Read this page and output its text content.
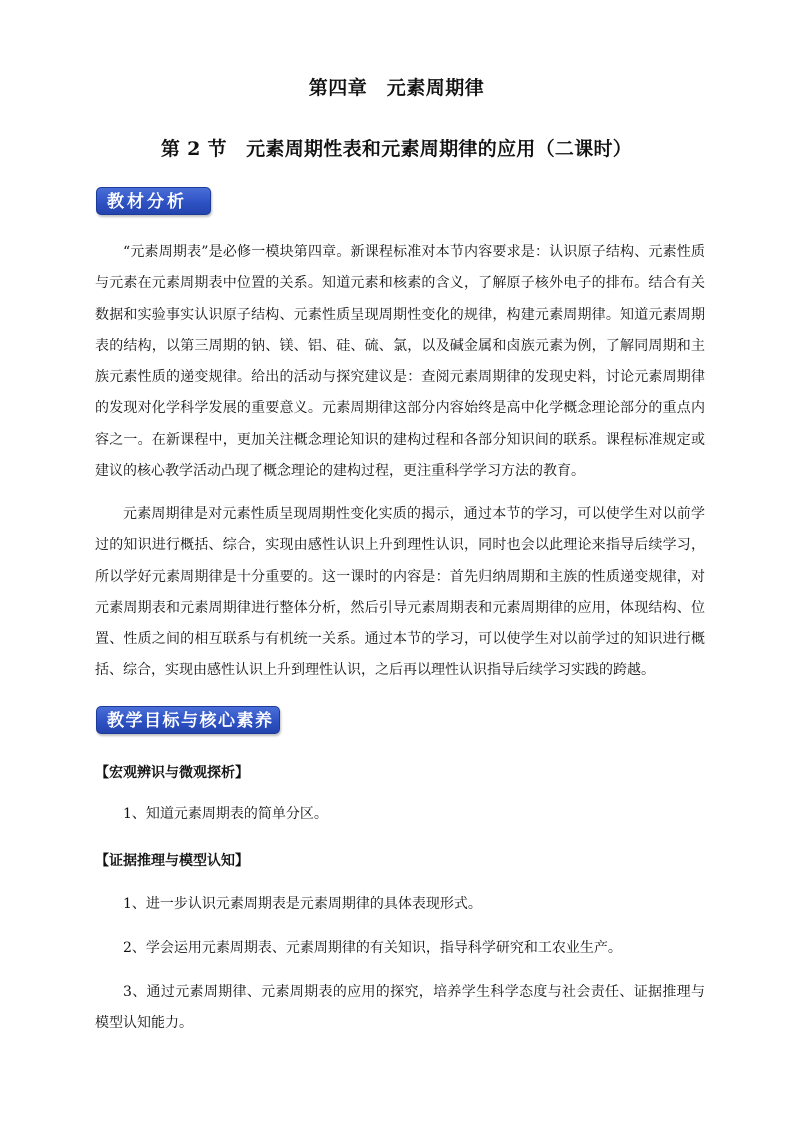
第四章　元素周期律
第 2 节　元素周期性表和元素周期律的应用（二课时）
教材分析

“元素周期表”是必修一模块第四章。新课程标准对本节内容要求是：认识原子结构、元素性质与元素在元素周期表中位置的关系。知道元素和核素的含义，了解原子核外电子的排布。结合有关数据和实验事实认识原子结构、元素性质呈现周期性变化的规律，构建元素周期律。知道元素周期表的结构，以第三周期的钠、镁、铝、硅、硫、氯，以及碱金属和卤族元素为例，了解同周期和主族元素性质的递变规律。给出的活动与探究建议是：查阅元素周期律的发现史料，讨论元素周期律的发现对化学科学发展的重要意义。元素周期律这部分内容始终是高中化学概念理论部分的重点内容之一。在新课程中，更加关注概念理论知识的建构过程和各部分知识间的联系。课程标准规定或建议的核心教学活动凸现了概念理论的建构过程，更注重科学学习方法的教育。

元素周期律是对元素性质呈现周期性变化实质的揭示，通过本节的学习，可以使学生对以前学过的知识进行概括、综合，实现由感性认识上升到理性认识，同时也会以此理论来指导后续学习，所以学好元素周期律是十分重要的。这一课时的内容是：首先归纳周期和主族的性质递变规律，对元素周期表和元素周期律进行整体分析，然后引导元素周期表和元素周期律的应用，体现结构、位置、性质之间的相互联系与有机统一关系。通过本节的学习，可以使学生对以前学过的知识进行概括、综合，实现由感性认识上升到理性认识，之后再以理性认识指导后续学习实践的跨越。

教学目标与核心素养
【宏观辨识与微观探析】

1、知道元素周期表的简单分区。

【证据推理与模型认知】

1、进一步认识元素周期表是元素周期律的具体表现形式。

2、学会运用元素周期表、元素周期律的有关知识，指导科学研究和工农业生产。

3、通过元素周期律、元素周期表的应用的探究，培养学生科学态度与社会责任、证据推理与模型认知能力。
